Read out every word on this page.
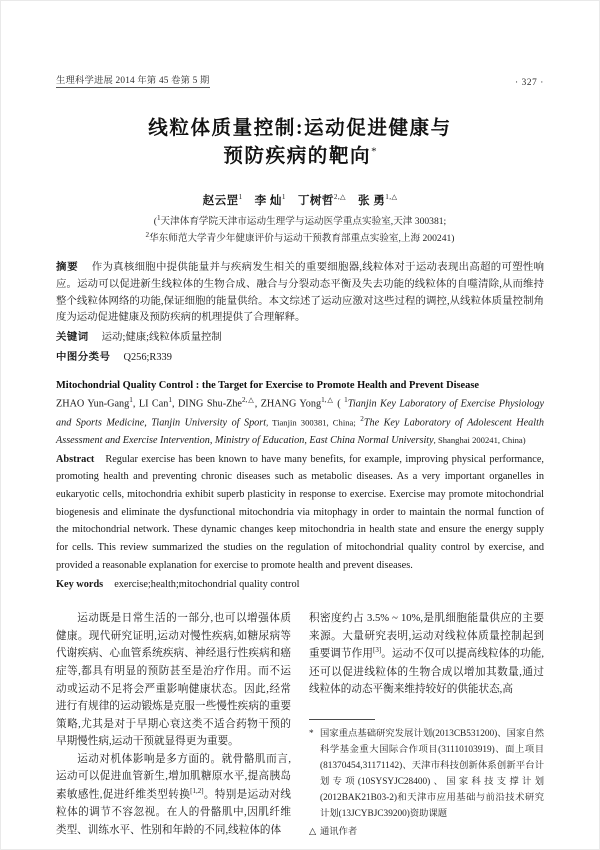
生理科学进展 2014 年第 45 卷第 5 期	· 327 ·
线粒体质量控制:运动促进健康与
预防疾病的靶向*
赵云罡$^1$ 李 灿$^1$ 丁树哲$^{2,\triangle}$ 张 勇$^{1,\triangle}$
($^1$天津体育学院天津市运动生理学与运动医学重点实验室,天津 300381;
$^2$华东师范大学青少年健康评价与运动干预教育部重点实验室,上海 200241)
摘要 作为真核细胞中提供能量并与疾病发生相关的重要细胞器,线粒体对于运动表现出高超的可塑性响应。运动可以促进新生线粒体的生物合成、融合与分裂动态平衡及失去功能的线粒体的自噬清除,从而维持整个线粒体网络的功能,保证细胞的能量供给。本文综述了运动应激对这些过程的调控,从线粒体质量控制角度为运动促进健康及预防疾病的机理提供了合理解释。
关键词 运动;健康;线粒体质量控制
中图分类号 Q256;R339
Mitochondrial Quality Control : the Target for Exercise to Promote Health and Prevent Disease
ZHAO Yun-Gang$^1$, LI Can$^1$, DING Shu-Zhe$^{2,\triangle}$, ZHANG Yong$^{1,\triangle}$ ( $^1$Tianjin Key Laboratory of Exercise Physiology and Sports Medicine, Tianjin University of Sport, Tianjin 300381, China; $^2$The Key Laboratory of Adolescent Health Assessment and Exercise Intervention, Ministry of Education, East China Normal University, Shanghai 200241, China)
Abstract Regular exercise has been known to have many benefits, for example, improving physical performance, promoting health and preventing chronic diseases such as metabolic diseases. As a very important organelles in eukaryotic cells, mitochondria exhibit superb plasticity in response to exercise. Exercise may promote mitochondrial biogenesis and eliminate the dysfunctional mitochondria via mitophagy in order to maintain the normal function of the mitochondrial network. These dynamic changes keep mitochondria in health state and ensure the energy supply for cells. This review summarized the studies on the regulation of mitochondrial quality control by exercise, and provided a reasonable explanation for exercise to promote health and prevent diseases.
Key words exercise;health;mitochondrial quality control

运动既是日常生活的一部分,也可以增强体质健康。现代研究证明,运动对慢性疾病,如糖尿病等代谢疾病、心血管系统疾病、神经退行性疾病和癌症等,都具有明显的预防甚至是治疗作用。而不运动或运动不足将会严重影响健康状态。因此,经常进行有规律的运动锻炼是克服一些慢性疾病的重要策略,尤其是对于早期心衰这类不适合药物干预的早期慢性病,运动干预就显得更为重要。

运动对机体影响是多方面的。就骨骼肌而言,运动可以促进血管新生,增加肌糖原水平,提高胰岛素敏感性,促进纤维类型转换[1,2]。特别是运动对线粒体的调节不容忽视。在人的骨骼肌中,因肌纤维类型、训练水平、性别和年龄的不同,线粒体的体

积密度约占 3.5% ~ 10%,是肌细胞能量供应的主要来源。大量研究表明,运动对线粒体质量控制起到重要调节作用[3]。运动不仅可以提高线粒体的功能,还可以促进线粒体的生物合成以增加其数量,通过线粒体的动态平衡来维持较好的供能状态,高

* 国家重点基础研究发展计划(2013CB531200)、国家自然科学基金重大国际合作项目(31110103919)、面上项目(81370454,31171142)、天津市科技创新体系创新平台计划专项(10SYSYJC28400)、国家科技支撑计划(2012BAK21B03-2)和天津市应用基础与前沿技术研究计划(13JCYBJC39200)资助课题
△ 通讯作者
